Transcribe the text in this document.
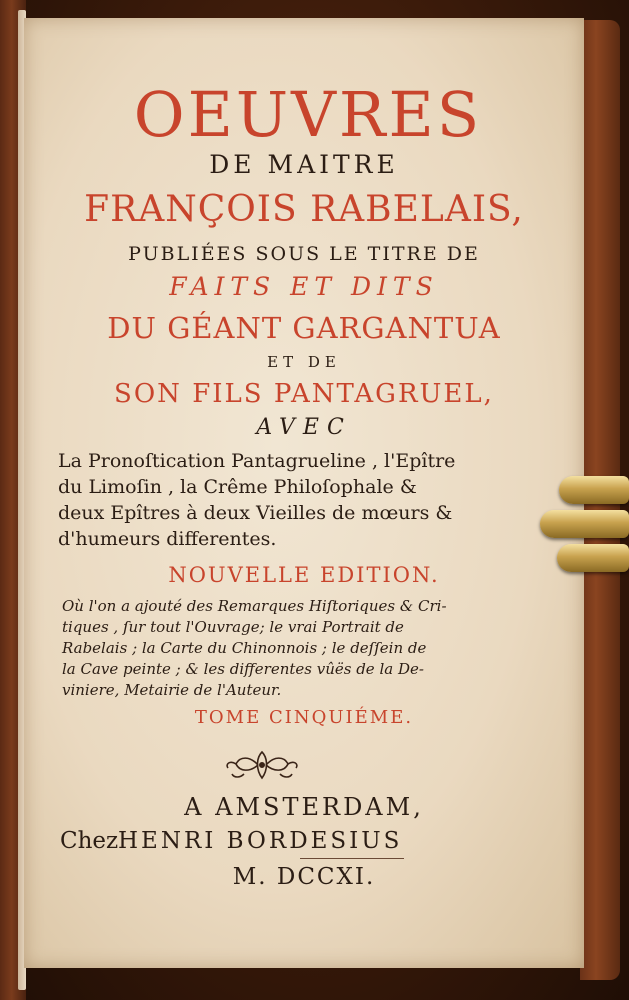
OEUVRES
DE MAITRE
FRANÇOIS RABELAIS,
PUBLIÉES SOUS LE TITRE DE
FAITS ET DITS
DU GÉANT GARGANTUA
ET DE
SON FILS PANTAGRUEL,
AVEC
La Pronoſtication Pantagrueline , l'Epître
du Limoſin , la Crême Philoſophale &
deux Epîtres à deux Vieilles de mœurs &
d'humeurs differentes.
NOUVELLE EDITION.
Où l'on a ajouté des Remarques Hiſtoriques & Cri-
tiques , ſur tout l'Ouvrage; le vrai Portrait de
Rabelais ; la Carte du Chinonnois ; le deſſein de
la Cave peinte ; & les differentes vûës de la De-
viniere, Metairie de l'Auteur.
TOME CINQUIÉME.
A AMSTERDAM,
Chez HENRI BORDESIUS
M. DCCXI.
